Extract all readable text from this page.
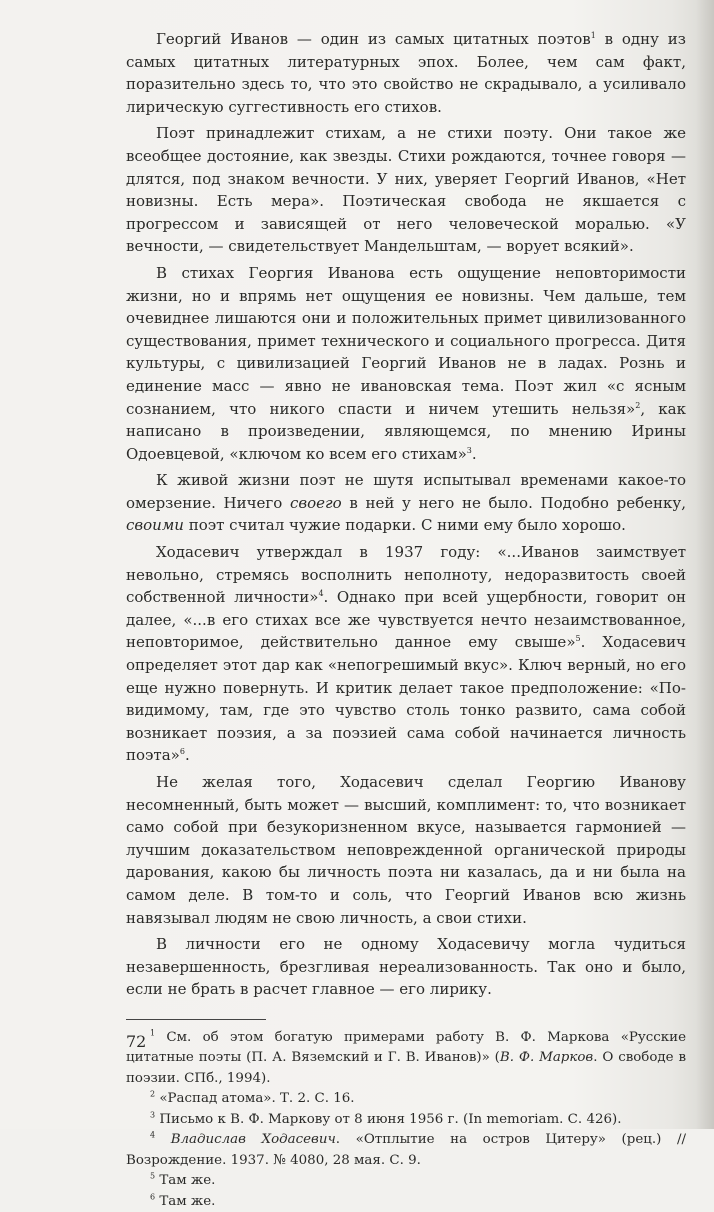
Георгий Иванов — один из самых цитатных поэтов$^1$ в одну из самых цитатных литературных эпох. Более, чем сам факт, поразительно здесь то, что это свойство не скрадывало, а усиливало лирическую суггестивность его стихов.

Поэт принадлежит стихам, а не стихи поэту. Они такое же всеобщее достояние, как звезды. Стихи рождаются, точнее говоря — длятся, под знаком вечности. У них, уверяет Георгий Иванов, «Нет новизны. Есть мера». Поэтическая свобода не якшается с прогрессом и зависящей от него человеческой моралью. «У вечности, — свидетельствует Мандельштам, — ворует всякий».

В стихах Георгия Иванова есть ощущение неповторимости жизни, но и впрямь нет ощущения ее новизны. Чем дальше, тем очевиднее лишаются они и положительных примет цивилизованного существования, примет технического и социального прогресса. Дитя культуры, с цивилизацией Георгий Иванов не в ладах. Рознь и единение масс — явно не ивановская тема. Поэт жил «с ясным сознанием, что никого спасти и ничем утешить нельзя»$^2$, как написано в произведении, являющемся, по мнению Ирины Одоевцевой, «ключом ко всем его стихам»$^3$.

К живой жизни поэт не шутя испытывал временами какое-то омерзение. Ничего своего в ней у него не было. Подобно ребенку, своими поэт считал чужие подарки. С ними ему было хорошо.

Ходасевич утверждал в 1937 году: «...Иванов заимствует невольно, стремясь восполнить неполноту, недоразвитость своей собственной личности»$^4$. Однако при всей ущербности, говорит он далее, «...в его стихах все же чувствуется нечто незаимствованное, неповторимое, действительно данное ему свыше»$^5$. Ходасевич определяет этот дар как «непогрешимый вкус». Ключ верный, но его еще нужно повернуть. И критик делает такое предположение: «По-видимому, там, где это чувство столь тонко развито, сама собой возникает поэзия, а за поэзией сама собой начинается личность поэта»$^6$.

Не желая того, Ходасевич сделал Георгию Иванову несомненный, быть может — высший, комплимент: то, что возникает само собой при безукоризненном вкусе, называется гармонией — лучшим доказательством неповрежденной органической природы дарования, какою бы личность поэта ни казалась, да и ни была на самом деле. В том-то и соль, что Георгий Иванов всю жизнь навязывал людям не свою личность, а свои стихи.

В личности его не одному Ходасевичу могла чудиться незавершенность, брезгливая нереализованность. Так оно и было, если не брать в расчет главное — его лирику.

$^1$ См. об этом богатую примерами работу В. Ф. Маркова «Русские цитатные поэты (П. А. Вяземский и Г. В. Иванов)» (В. Ф. Марков. О свободе в поэзии. СПб., 1994).

$^2$ «Распад атома». Т. 2. С. 16.

$^3$ Письмо к В. Ф. Маркову от 8 июня 1956 г. (In memoriam. С. 426).

$^4$ Владислав Ходасевич. «Отплытие на остров Цитеру» (рец.) // Возрождение. 1937. № 4080, 28 мая. С. 9.

$^5$ Там же.

$^6$ Там же.

72
